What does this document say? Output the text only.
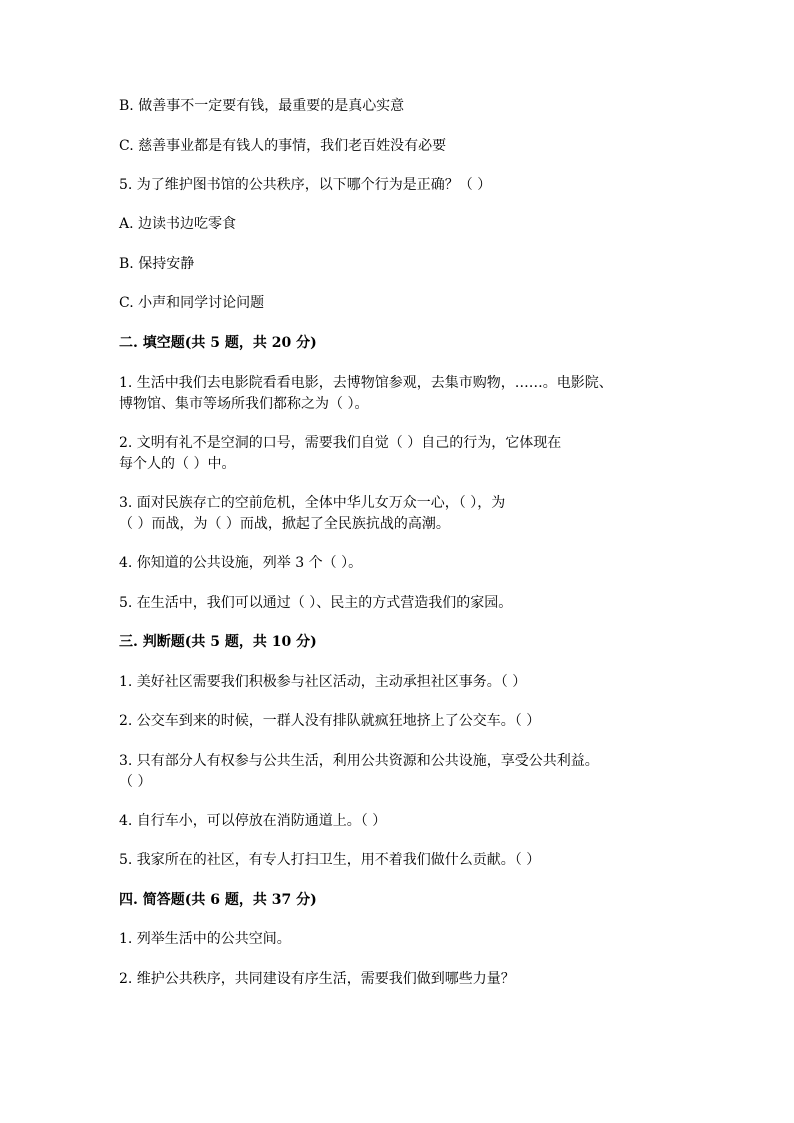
B. 做善事不一定要有钱，最重要的是真心实意
C. 慈善事业都是有钱人的事情，我们老百姓没有必要
5. 为了维护图书馆的公共秩序，以下哪个行为是正确？（ ）
A. 边读书边吃零食
B. 保持安静
C. 小声和同学讨论问题
二. 填空题(共 5 题，共 20 分)
1. 生活中我们去电影院看看电影，去博物馆参观，去集市购物，……。电影院、
博物馆、集市等场所我们都称之为（ ）。
2. 文明有礼不是空洞的口号，需要我们自觉（ ）自己的行为，它体现在
每个人的（ ）中。
3. 面对民族存亡的空前危机，全体中华儿女万众一心，（ ），为
（ ）而战，为（ ）而战，掀起了全民族抗战的高潮。
4. 你知道的公共设施，列举 3 个（ ）。
5. 在生活中，我们可以通过（ ）、民主的方式营造我们的家园。
三. 判断题(共 5 题，共 10 分)
1. 美好社区需要我们积极参与社区活动，主动承担社区事务。（ ）
2. 公交车到来的时候，一群人没有排队就疯狂地挤上了公交车。（ ）
3. 只有部分人有权参与公共生活，利用公共资源和公共设施，享受公共利益。
（ ）
4. 自行车小，可以停放在消防通道上。（ ）
5. 我家所在的社区，有专人打扫卫生，用不着我们做什么贡献。（ ）
四. 简答题(共 6 题，共 37 分)
1. 列举生活中的公共空间。
2. 维护公共秩序，共同建设有序生活，需要我们做到哪些力量？
